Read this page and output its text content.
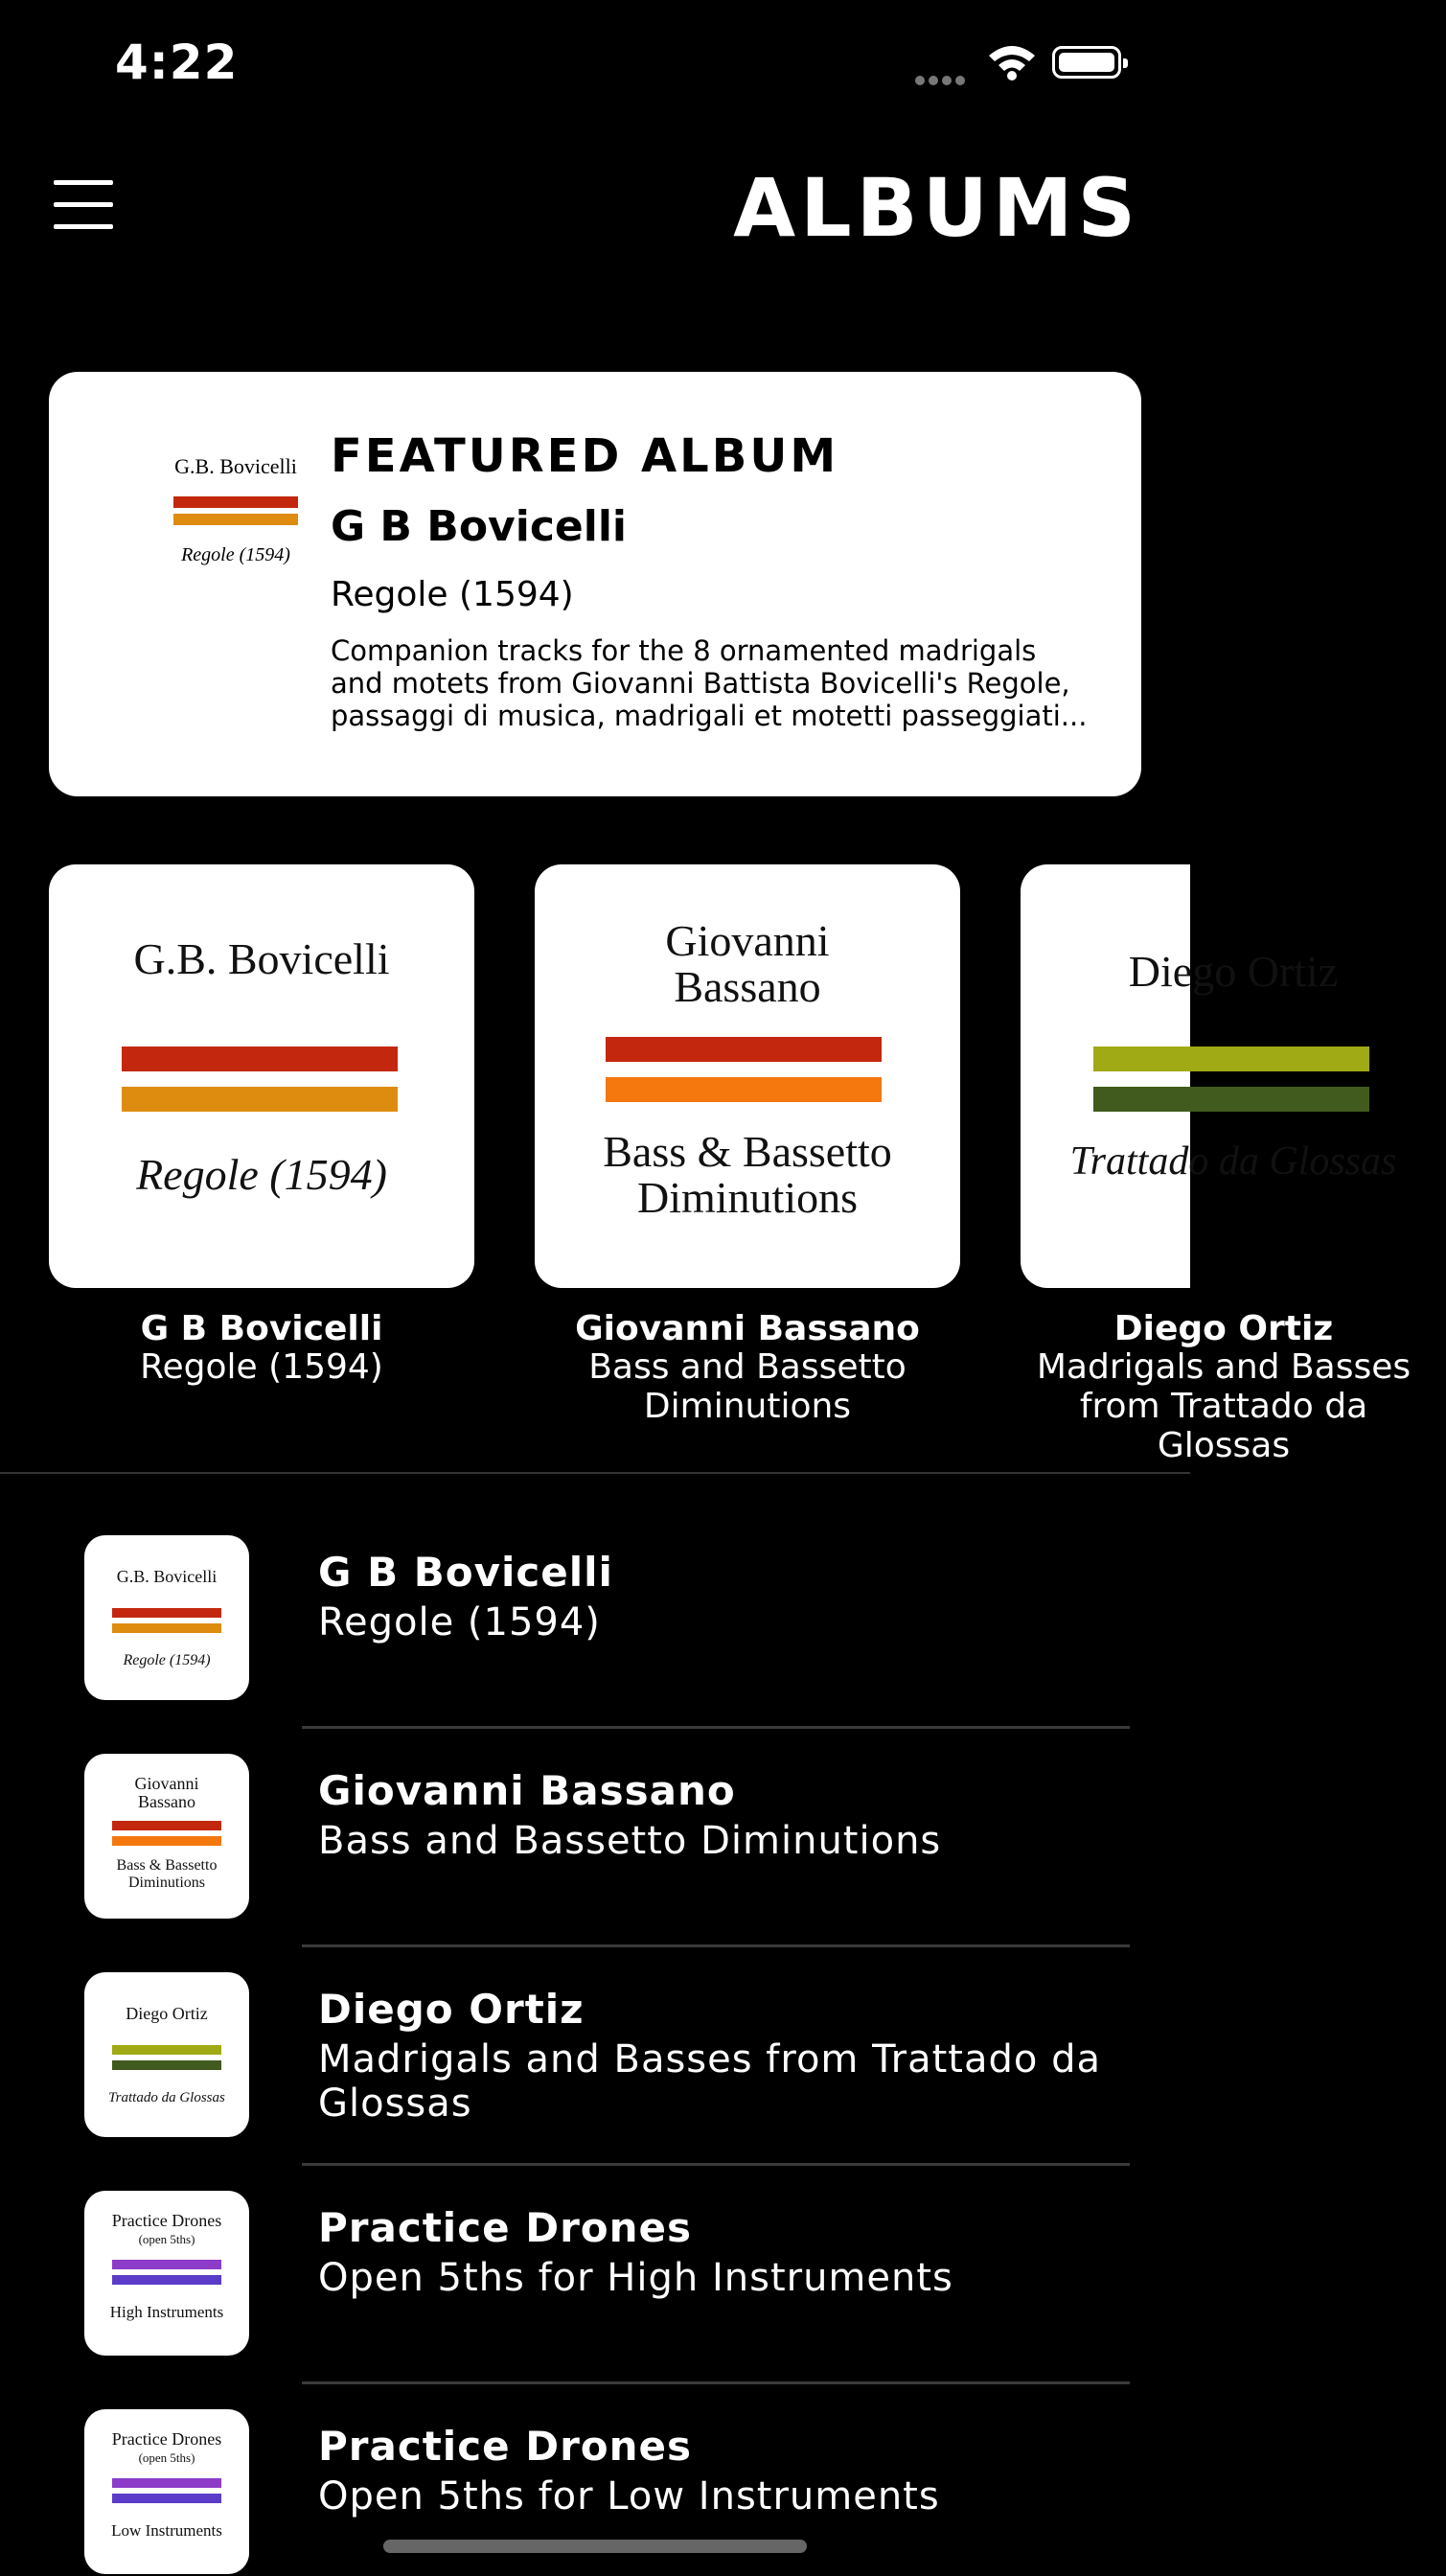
4:22
ALBUMS
G.B. Bovicelli
Regole (1594)
FEATURED ALBUM
G B Bovicelli
Regole (1594)
Companion tracks for the 8 ornamented madrigals
and motets from Giovanni Battista Bovicelli's Regole,
passaggi di musica, madrigali et motetti passeggiati...
G.B. Bovicelli
Regole (1594)
G B Bovicelli
Regole (1594)
Giovanni
Bassano
Bass & Bassetto
Diminutions
Giovanni Bassano
Bass and Bassetto
Diminutions
Diego Ortiz
Trattado da Glossas
Diego Ortiz
Madrigals and Basses
from Trattado da Glossas
G.B. Bovicelli
Regole (1594)
G B Bovicelli
Regole (1594)
Giovanni
Bassano
Bass & Bassetto
Diminutions
Giovanni Bassano
Bass and Bassetto Diminutions
Diego Ortiz
Trattado da Glossas
Diego Ortiz
Madrigals and Basses from Trattado da
Glossas
Practice Drones
(open 5ths)
High Instruments
Practice Drones
Open 5ths for High Instruments
Practice Drones
(open 5ths)
Low Instruments
Practice Drones
Open 5ths for Low Instruments
